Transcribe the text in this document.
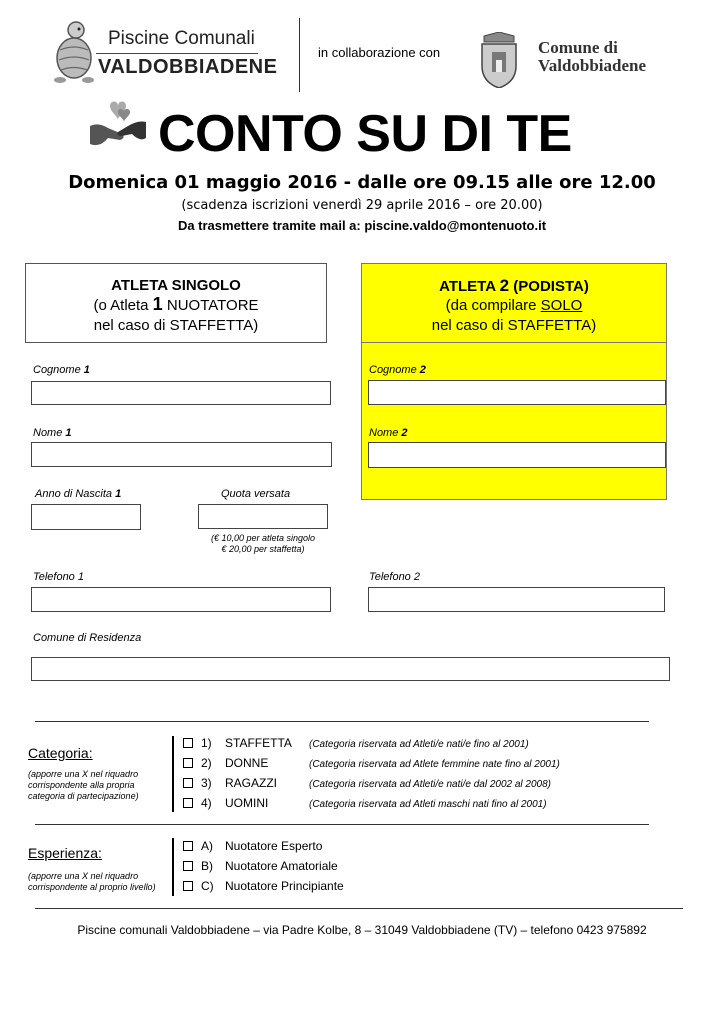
Piscine Comunali
VALDOBBIADENE
in collaborazione con	Comune di
Valdobbiadene
CONTO SU DI TE
Domenica 01 maggio 2016 - dalle ore 09.15 alle ore 12.00
(scadenza iscrizioni venerdì 29 aprile 2016 – ore 20.00)
Da trasmettere tramite mail a: piscine.valdo@montenuoto.it
ATLETA SINGOLO
(o Atleta 1 NUOTATORE
nel caso di STAFFETTA)
ATLETA 2 (PODISTA)
(da compilare SOLO
nel caso di STAFFETTA)
Cognome 1
Nome 1
Anno di Nascita 1	Quota versata
(€ 10,00 per atleta singolo
€ 20,00 per staffetta)
Cognome 2
Nome 2
Telefono 1	Telefono 2
Comune di Residenza
Categoria:
(apporre una X nel riquadro corrispondente alla propria categoria di partecipazione)
1) STAFFETTA (Categoria riservata ad Atleti/e nati/e fino al 2001)
2) DONNE	(Categoria riservata ad Atlete femmine nate fino al 2001)
3) RAGAZZI	(Categoria riservata ad Atleti/e nati/e dal 2002 al 2008)
4) UOMINI	(Categoria riservata ad Atleti maschi nati fino al 2001)
Esperienza:
(apporre una X nel riquadro corrispondente al proprio livello)
A) Nuotatore Esperto
B) Nuotatore Amatoriale
C) Nuotatore Principiante
Piscine comunali Valdobbiadene – via Padre Kolbe, 8 – 31049 Valdobbiadene (TV) – telefono 0423 975892
